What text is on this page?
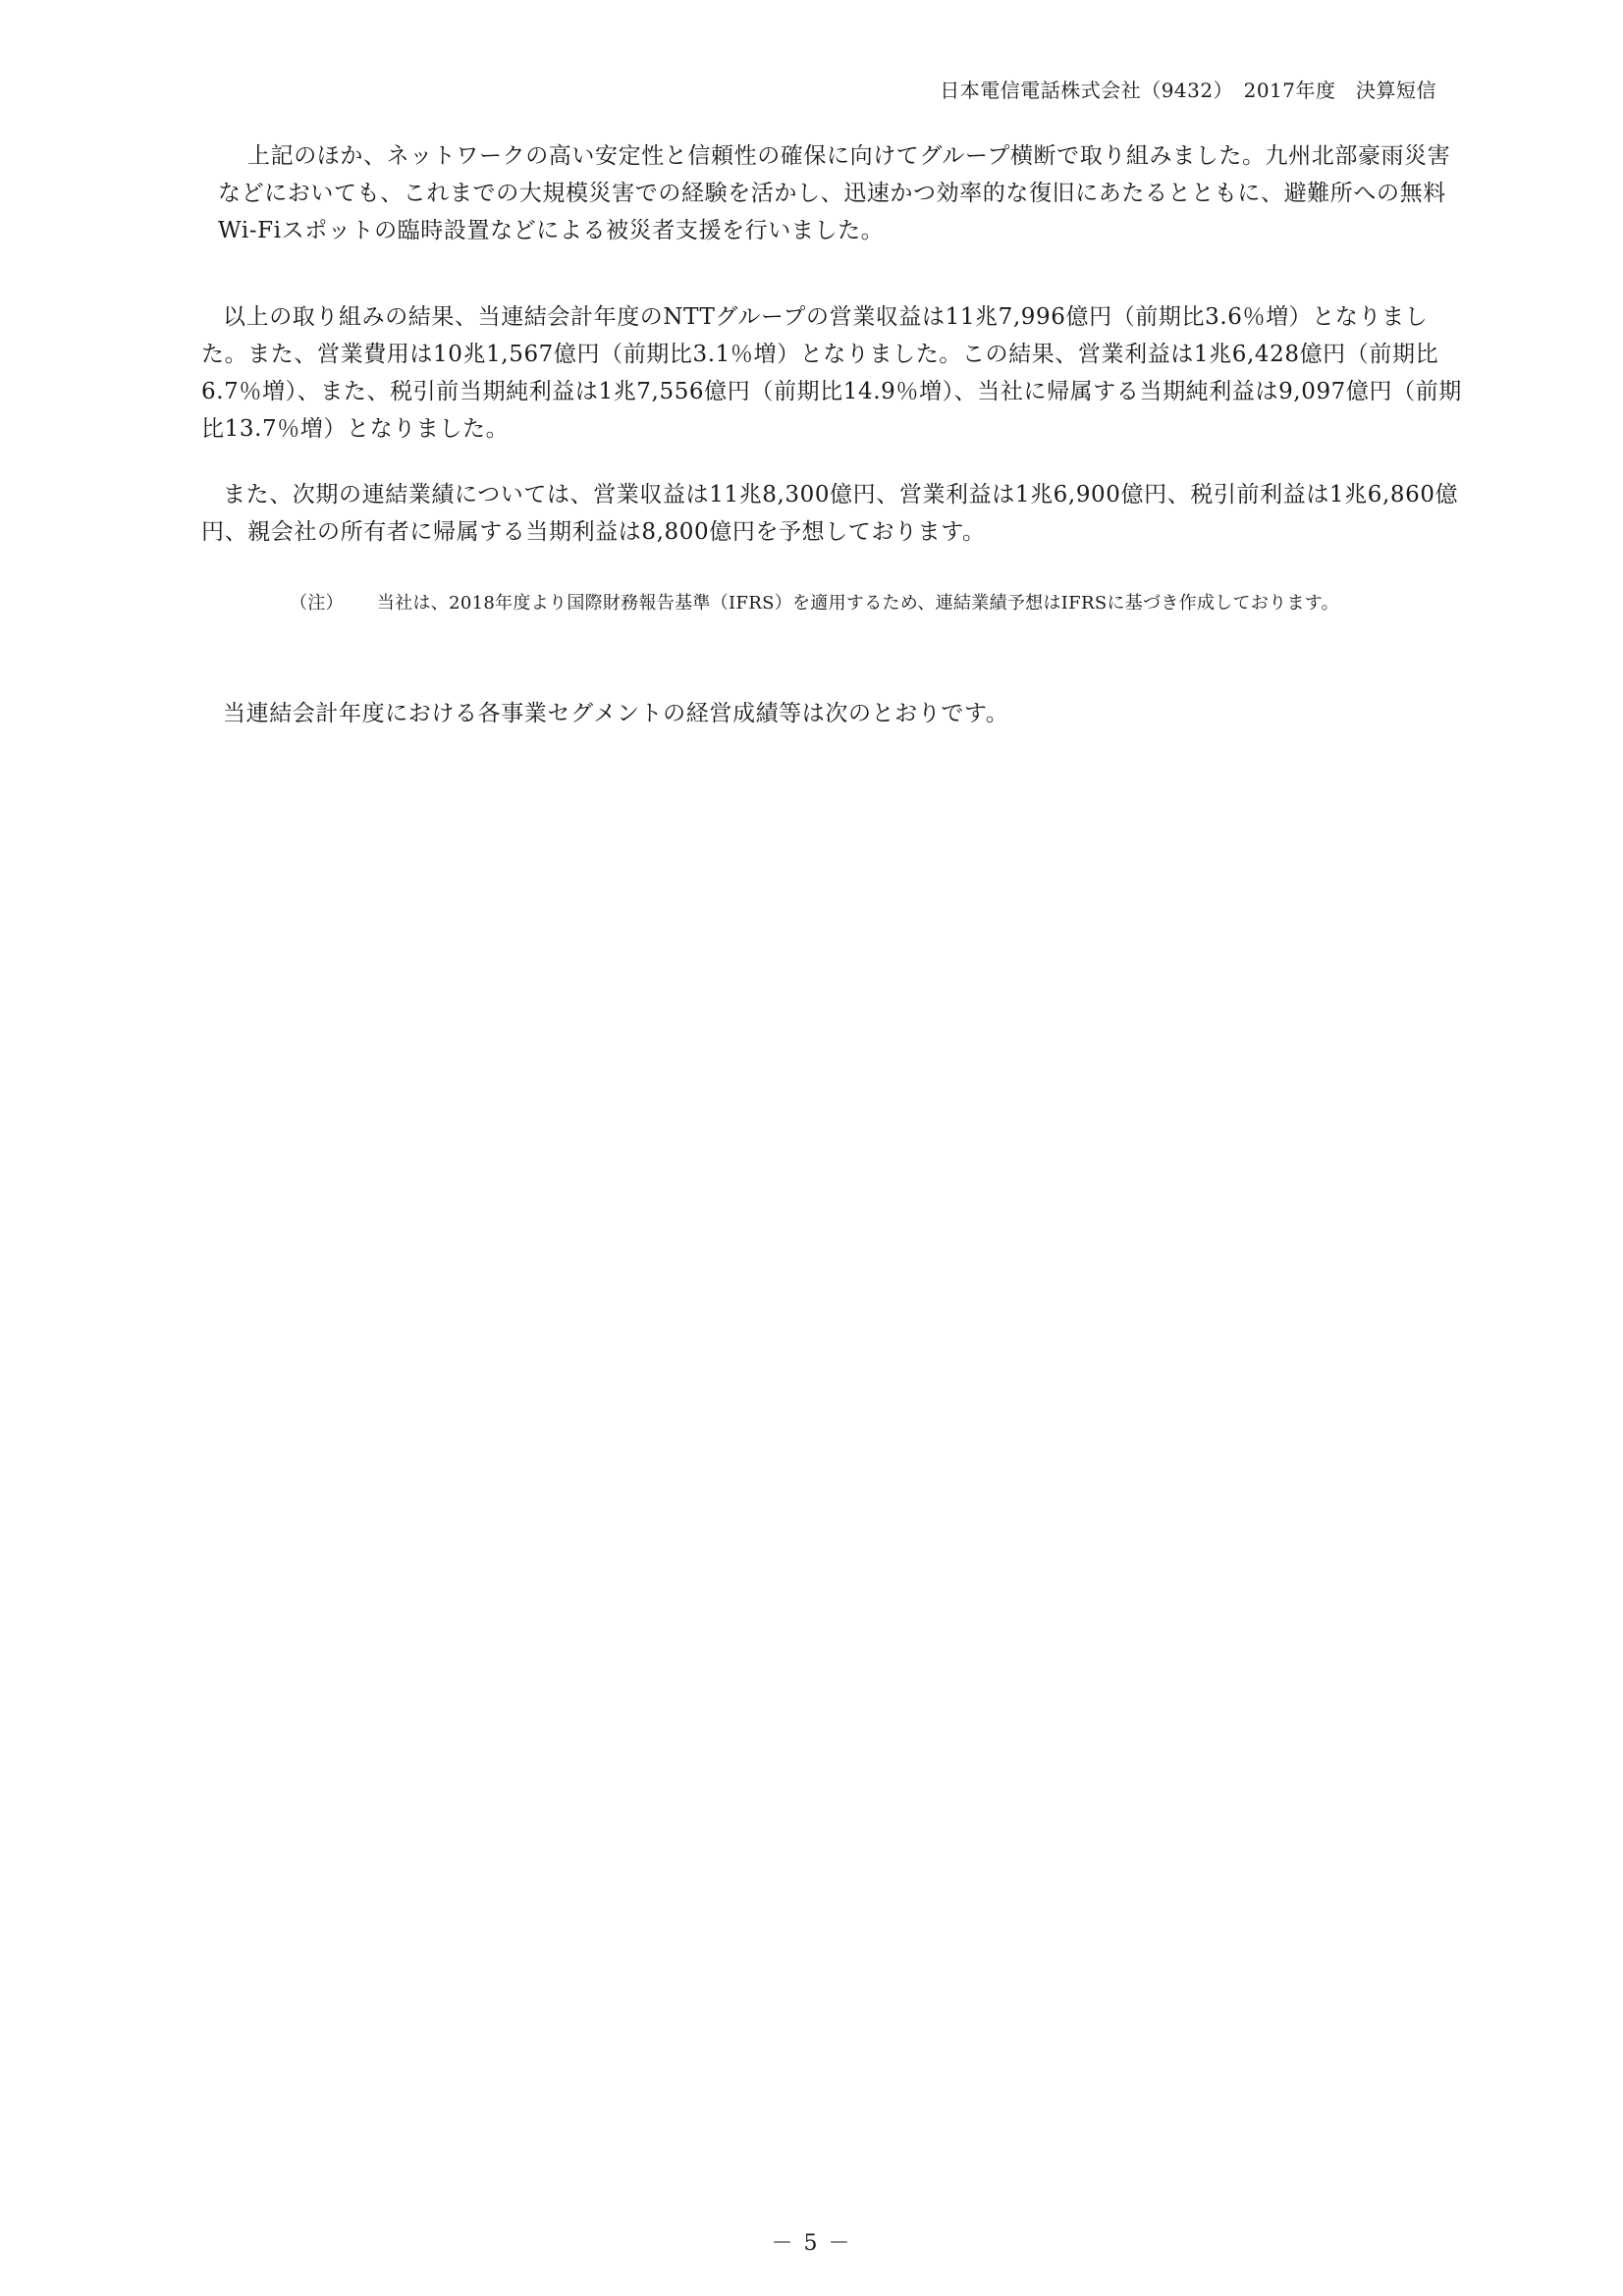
日本電信電話株式会社（9432）　2017年度　決算短信

上記のほか、ネットワークの高い安定性と信頼性の確保に向けてグループ横断で取り組みました。九州北部豪雨災害などにおいても、これまでの大規模災害での経験を活かし、迅速かつ効率的な復旧にあたるとともに、避難所への無料Wi-Fiスポットの臨時設置などによる被災者支援を行いました。

以上の取り組みの結果、当連結会計年度のNTTグループの営業収益は11兆7,996億円（前期比3.6％増）となりました。また、営業費用は10兆1,567億円（前期比3.1％増）となりました。この結果、営業利益は1兆6,428億円（前期比6.7％増）、また、税引前当期純利益は1兆7,556億円（前期比14.9％増）、当社に帰属する当期純利益は9,097億円（前期比13.7％増）となりました。

また、次期の連結業績については、営業収益は11兆8,300億円、営業利益は1兆6,900億円、税引前利益は1兆6,860億円、親会社の所有者に帰属する当期利益は8,800億円を予想しております。

（注） 当社は、2018年度より国際財務報告基準（IFRS）を適用するため、連結業績予想はIFRSに基づき作成しております。

当連結会計年度における各事業セグメントの経営成績等は次のとおりです。

－ 5 －
